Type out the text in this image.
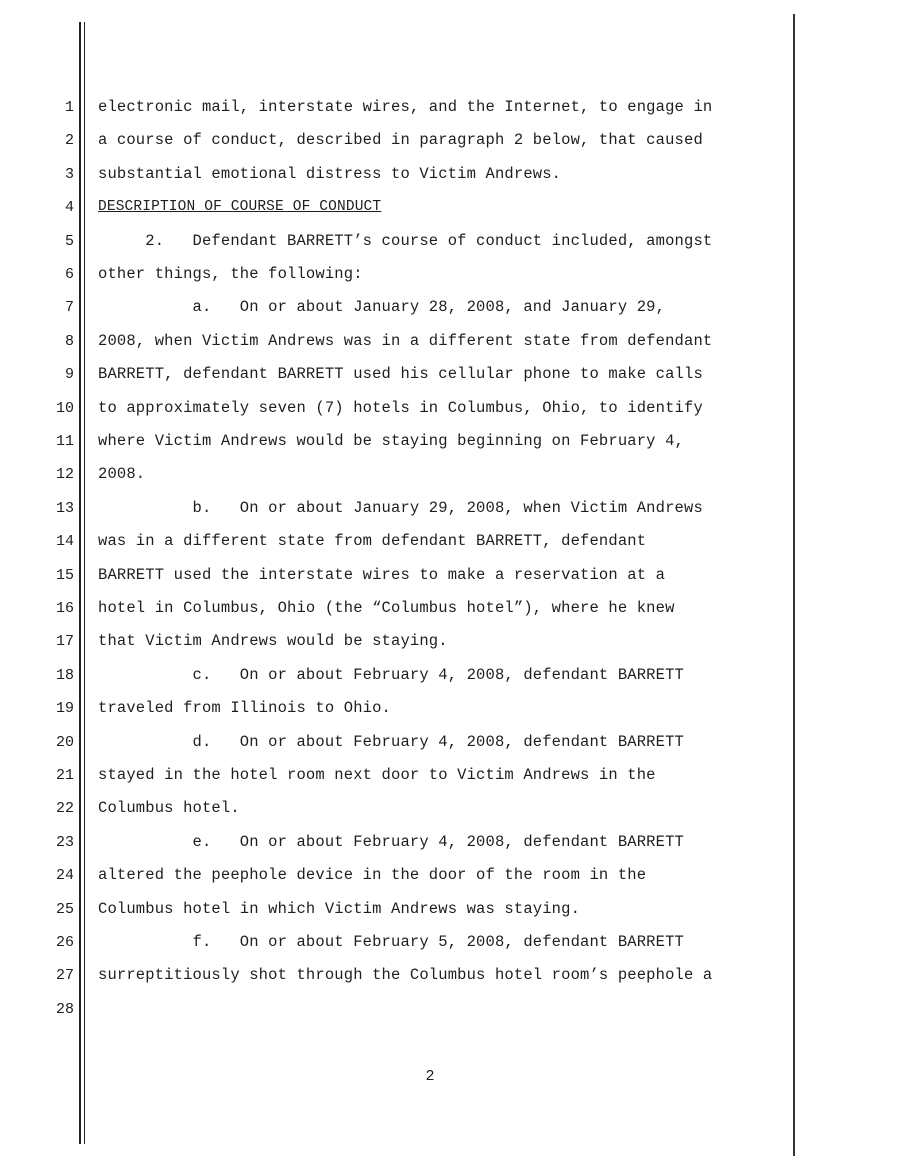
1 electronic mail, interstate wires, and the Internet, to engage in
2 a course of conduct, described in paragraph 2 below, that caused
3 substantial emotional distress to Victim Andrews.
4 DESCRIPTION OF COURSE OF CONDUCT
5 2.   Defendant BARRETT’s course of conduct included, amongst
6 other things, the following:
7 a.   On or about January 28, 2008, and January 29,
8 2008, when Victim Andrews was in a different state from defendant
9 BARRETT, defendant BARRETT used his cellular phone to make calls
10 to approximately seven (7) hotels in Columbus, Ohio, to identify
11 where Victim Andrews would be staying beginning on February 4,
12 2008.
13 b.   On or about January 29, 2008, when Victim Andrews
14 was in a different state from defendant BARRETT, defendant
15 BARRETT used the interstate wires to make a reservation at a
16 hotel in Columbus, Ohio (the “Columbus hotel”), where he knew
17 that Victim Andrews would be staying.
18 c.   On or about February 4, 2008, defendant BARRETT
19 traveled from Illinois to Ohio.
20 d.   On or about February 4, 2008, defendant BARRETT
21 stayed in the hotel room next door to Victim Andrews in the
22 Columbus hotel.
23 e.   On or about February 4, 2008, defendant BARRETT
24 altered the peephole device in the door of the room in the
25 Columbus hotel in which Victim Andrews was staying.
26 f.   On or about February 5, 2008, defendant BARRETT
27 surreptitiously shot through the Columbus hotel room’s peephole a
28
2
